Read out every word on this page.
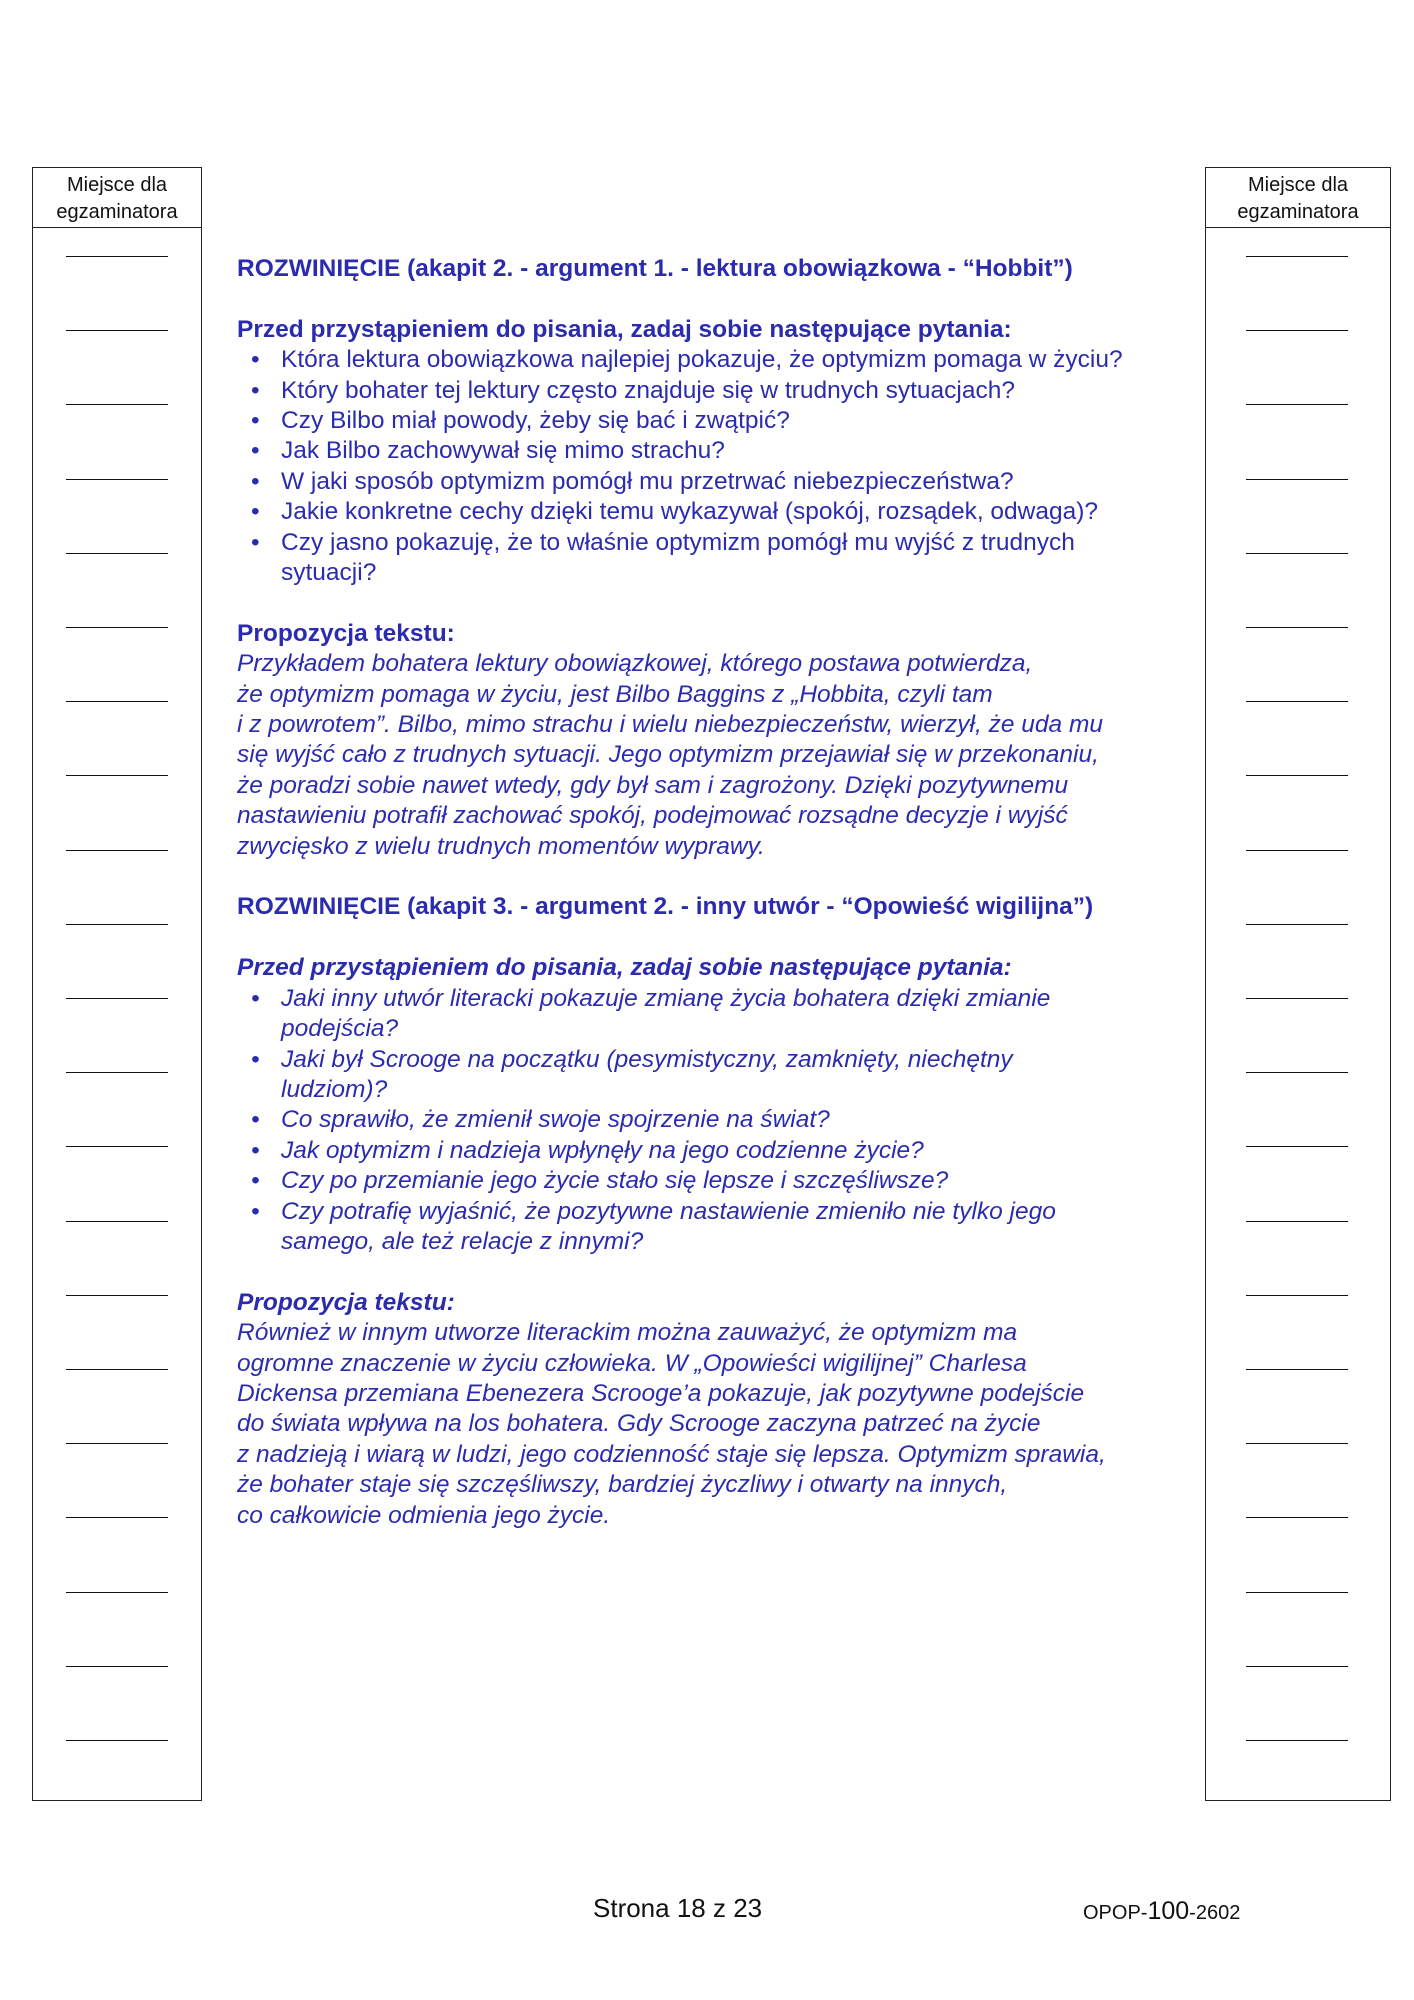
Miejsce dla
egzaminatora
Miejsce dla
egzaminatora

ROZWINIĘCIE (akapit 2. - argument 1. - lektura obowiązkowa - “Hobbit”)

Przed przystąpieniem do pisania, zadaj sobie następujące pytania:

• Która lektura obowiązkowa najlepiej pokazuje, że optymizm pomaga w życiu?
• Który bohater tej lektury często znajduje się w trudnych sytuacjach?
• Czy Bilbo miał powody, żeby się bać i zwątpić?
• Jak Bilbo zachowywał się mimo strachu?
• W jaki sposób optymizm pomógł mu przetrwać niebezpieczeństwa?
• Jakie konkretne cechy dzięki temu wykazywał (spokój, rozsądek, odwaga)?
• Czy jasno pokazuję, że to właśnie optymizm pomógł mu wyjść z trudnych sytuacji?

Propozycja tekstu:

Przykładem bohatera lektury obowiązkowej, którego postawa potwierdza,
że optymizm pomaga w życiu, jest Bilbo Baggins z „Hobbita, czyli tam
i z powrotem”. Bilbo, mimo strachu i wielu niebezpieczeństw, wierzył, że uda mu
się wyjść cało z trudnych sytuacji. Jego optymizm przejawiał się w przekonaniu,
że poradzi sobie nawet wtedy, gdy był sam i zagrożony. Dzięki pozytywnemu
nastawieniu potrafił zachować spokój, podejmować rozsądne decyzje i wyjść
zwycięsko z wielu trudnych momentów wyprawy.

ROZWINIĘCIE (akapit 3. - argument 2. - inny utwór - “Opowieść wigilijna”)

Przed przystąpieniem do pisania, zadaj sobie następujące pytania:

• Jaki inny utwór literacki pokazuje zmianę życia bohatera dzięki zmianie podejścia?
• Jaki był Scrooge na początku (pesymistyczny, zamknięty, niechętny ludziom)?
• Co sprawiło, że zmienił swoje spojrzenie na świat?
• Jak optymizm i nadzieja wpłynęły na jego codzienne życie?
• Czy po przemianie jego życie stało się lepsze i szczęśliwsze?
• Czy potrafię wyjaśnić, że pozytywne nastawienie zmieniło nie tylko jego samego, ale też relacje z innymi?

Propozycja tekstu:

Również w innym utworze literackim można zauważyć, że optymizm ma
ogromne znaczenie w życiu człowieka. W „Opowieści wigilijnej” Charlesa
Dickensa przemiana Ebenezera Scrooge’a pokazuje, jak pozytywne podejście
do świata wpływa na los bohatera. Gdy Scrooge zaczyna patrzeć na życie
z nadzieją i wiarą w ludzi, jego codzienność staje się lepsza. Optymizm sprawia,
że bohater staje się szczęśliwszy, bardziej życzliwy i otwarty na innych,
co całkowicie odmienia jego życie.
Strona 18 z 23	OPOP-100-2602
